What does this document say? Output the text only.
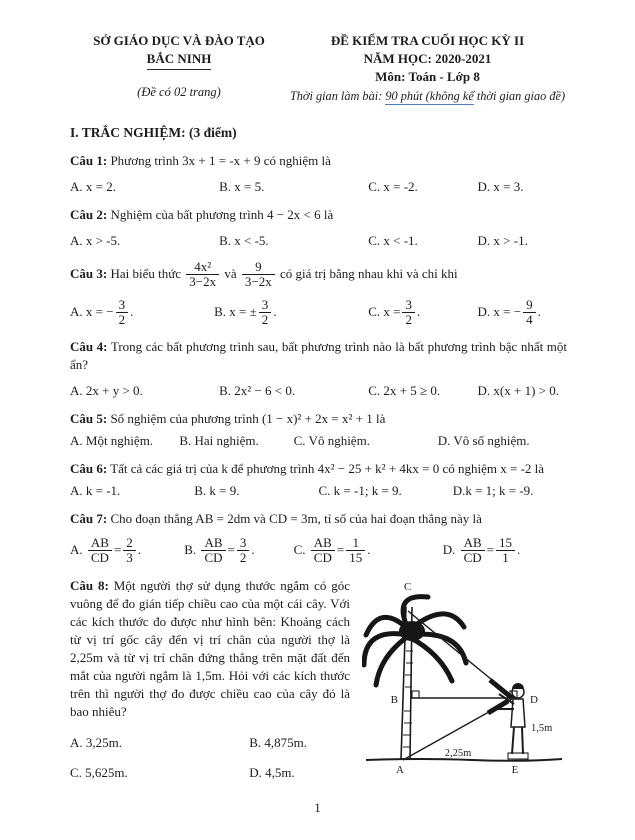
SỞ GIÁO DỤC VÀ ĐÀO TẠO
BẮC NINH
(Đề có 02 trang)
ĐỀ KIỂM TRA CUỐI HỌC KỲ II
NĂM HỌC: 2020-2021
Môn: Toán - Lớp 8
Thời gian làm bài: 90 phút (không kể thời gian giao đề)
I. TRẮC NGHIỆM: (3 điểm)

Câu 1: Phương trình 3x + 1 = -x + 9 có nghiệm là

A. x = 2.	B. x = 5.	C. x = -2.	D. x = 3.

Câu 2: Nghiệm của bất phương trình 4 − 2x < 6 là

A. x > -5.	B. x < -5.	C. x < -1.	D. x > -1.

Câu 3: Hai biểu thức $\frac{\text{4x²}}{3-2x}$ và $\frac{9}{3-2x}$ có giá trị bằng nhau khi và chỉ khi

A. x = − $\frac{3}{2}$ .	B. x = ± $\frac{3}{2}$ .	C. $x = \frac{3}{2}$ .	D. x = − $\frac{9}{4}$ .

Câu 4: Trong các bất phương trình sau, bất phương trình nào là bất phương trình bậc nhất một ẩn?

A. 2x + y > 0.	B. 2x² − 6 < 0.	C. 2x + 5 ≥ 0.	D. x(x + 1) > 0.

Câu 5: Số nghiệm của phương trình (1 − x)² + 2x = x² + 1 là

A. Một nghiệm.	B. Hai nghiệm.	C. Vô nghiệm.	D. Vô số nghiệm.

Câu 6: Tất cả các giá trị của k để phương trình 4x² − 25 + k² + 4kx = 0 có nghiệm x = -2 là

A. k = -1.	B. k = 9.	C. k = -1; k = 9.	D.k = 1; k = -9.

Câu 7: Cho đoạn thẳng AB = 2dm và CD = 3m, tỉ số của hai đoạn thẳng này là

A. $\frac{AB}{CD} = \frac{2}{3}$ .	B. $\frac{AB}{CD} = \frac{3}{2}$ .	C. $\frac{AB}{CD} = \frac{1}{15}$ .	D. $\frac{AB}{CD} = \frac{15}{1}$ .

Câu 8: Một người thợ sử dụng thước ngắm có góc vuông để đo gián tiếp chiều cao của một cái cây. Với các kích thước đo được như hình bên: Khoảng cách từ vị trí gốc cây đến vị trí chân của người thợ là 2,25m và từ vị trí chân đứng thẳng trên mặt đất đến mắt của người ngắm là 1,5m. Hỏi với các kích thước trên thì người thợ đo được chiều cao của cây đó là bao nhiêu?

A. 3,25m.	B. 4,875m.
C. 5,625m.	D. 4,5m.
C
B	D
A	E
2,25m
1,5m
1
